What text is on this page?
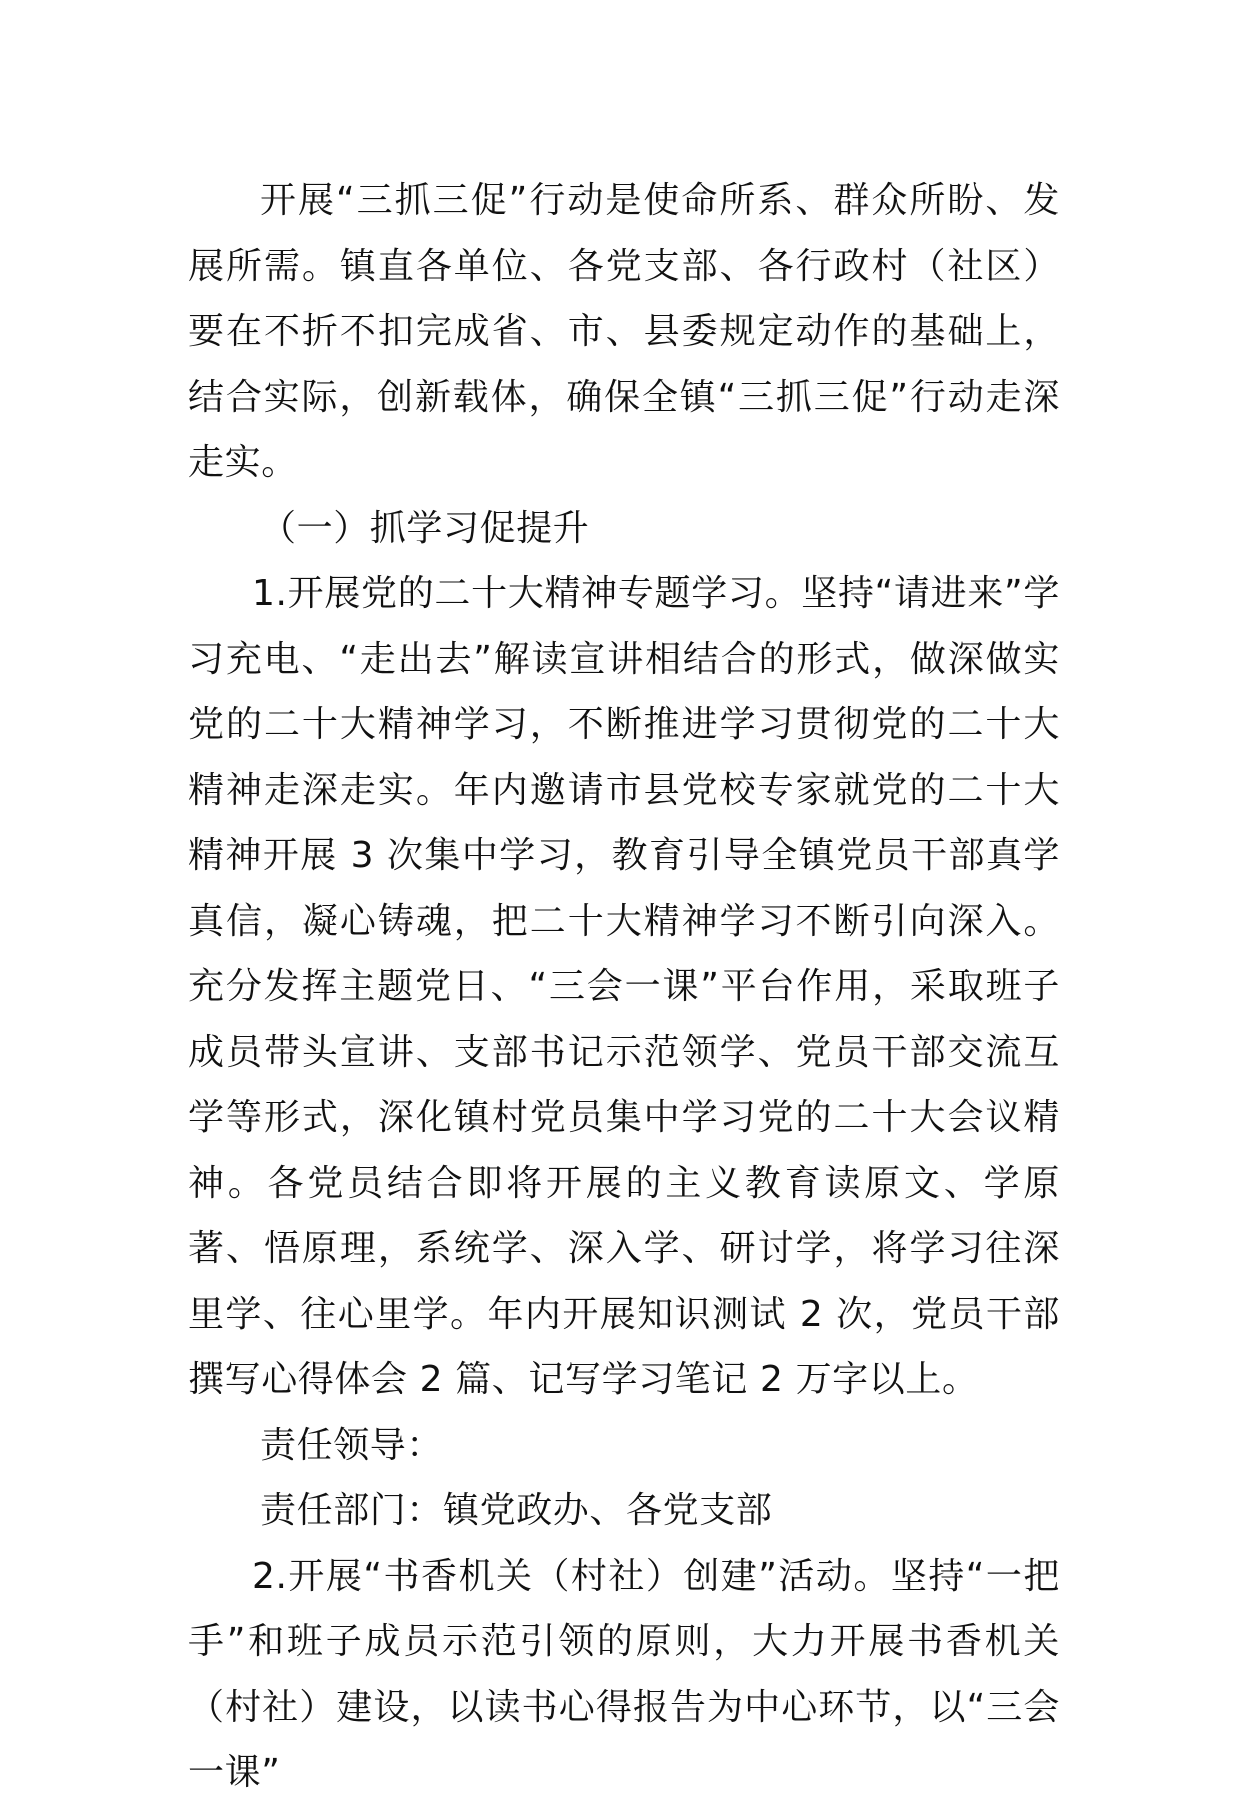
开展“三抓三促”行动是使命所系、群众所盼、发展所需。镇直各单位、各党支部、各行政村（社区）要在不折不扣完成省、市、县委规定动作的基础上，结合实际，创新载体，确保全镇“三抓三促”行动走深走实。

（一）抓学习促提升

1.开展党的二十大精神专题学习。坚持“请进来”学习充电、“走出去”解读宣讲相结合的形式，做深做实党的二十大精神学习，不断推进学习贯彻党的二十大精神走深走实。年内邀请市县党校专家就党的二十大精神开展 3 次集中学习，教育引导全镇党员干部真学真信，凝心铸魂，把二十大精神学习不断引向深入。充分发挥主题党日、“三会一课”平台作用，采取班子成员带头宣讲、支部书记示范领学、党员干部交流互学等形式，深化镇村党员集中学习党的二十大会议精神。各党员结合即将开展的主义教育读原文、学原著、悟原理，系统学、深入学、研讨学，将学习往深里学、往心里学。年内开展知识测试 2 次，党员干部撰写心得体会 2 篇、记写学习笔记 2 万字以上。

责任领导：

责任部门：镇党政办、各党支部

2.开展“书香机关（村社）创建”活动。坚持“一把手”和班子成员示范引领的原则，大力开展书香机关（村社）建设，以读书心得报告为中心环节，以“三会一课”
